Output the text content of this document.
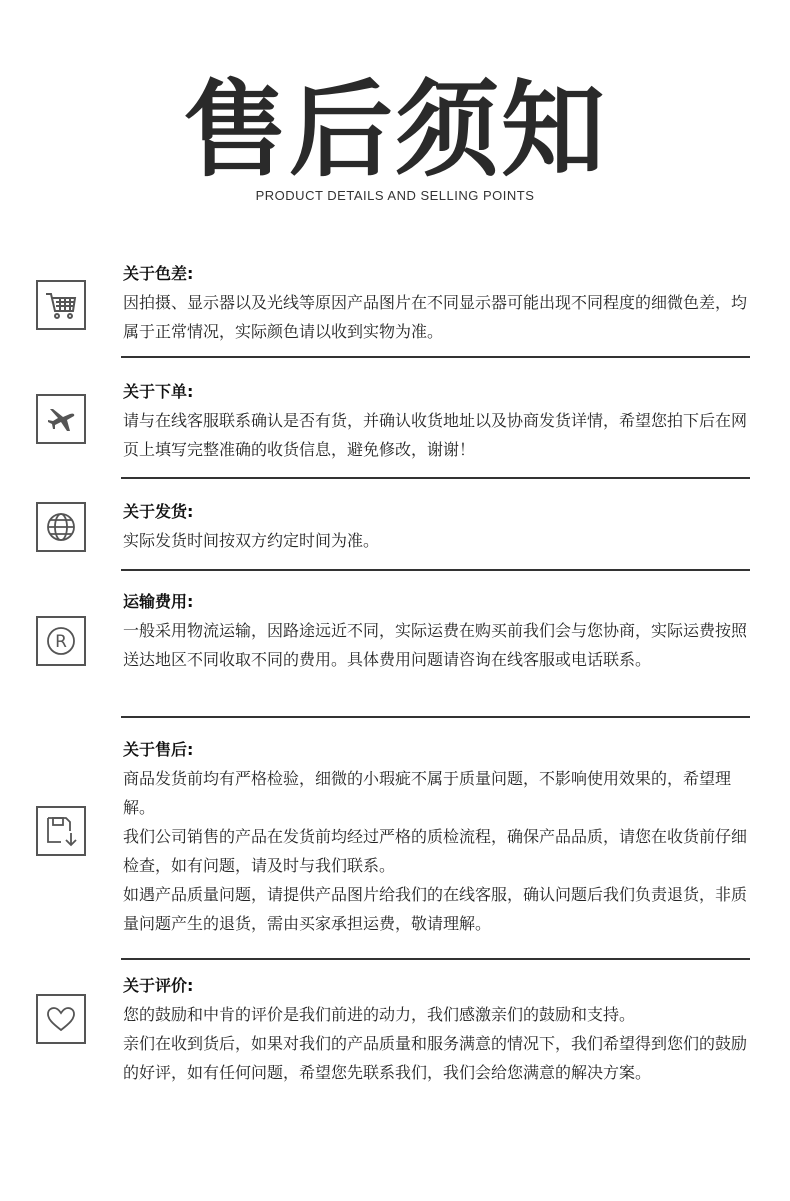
售后须知
PRODUCT DETAILS AND SELLING POINTS
关于色差:
因拍摄、显示器以及光线等原因产品图片在不同显示器可能出现不同程度的细微色差，均属于正常情况，实际颜色请以收到实物为准。
关于下单:
请与在线客服联系确认是否有货，并确认收货地址以及协商发货详情，希望您拍下后在网页上填写完整准确的收货信息，避免修改，谢谢！
关于发货:
实际发货时间按双方约定时间为准。
R
运输费用:
一般采用物流运输，因路途远近不同，实际运费在购买前我们会与您协商，实际运费按照送达地区不同收取不同的费用。具体费用问题请咨询在线客服或电话联系。
关于售后:
商品发货前均有严格检验，细微的小瑕疵不属于质量问题，不影响使用效果的，希望理解。
我们公司销售的产品在发货前均经过严格的质检流程，确保产品品质，请您在收货前仔细检查，如有问题，请及时与我们联系。
如遇产品质量问题，请提供产品图片给我们的在线客服，确认问题后我们负责退货，非质量问题产生的退货，需由买家承担运费，敬请理解。
关于评价:
您的鼓励和中肯的评价是我们前进的动力，我们感激亲们的鼓励和支持。
亲们在收到货后，如果对我们的产品质量和服务满意的情况下，我们希望得到您们的鼓励的好评，如有任何问题，希望您先联系我们，我们会给您满意的解决方案。
